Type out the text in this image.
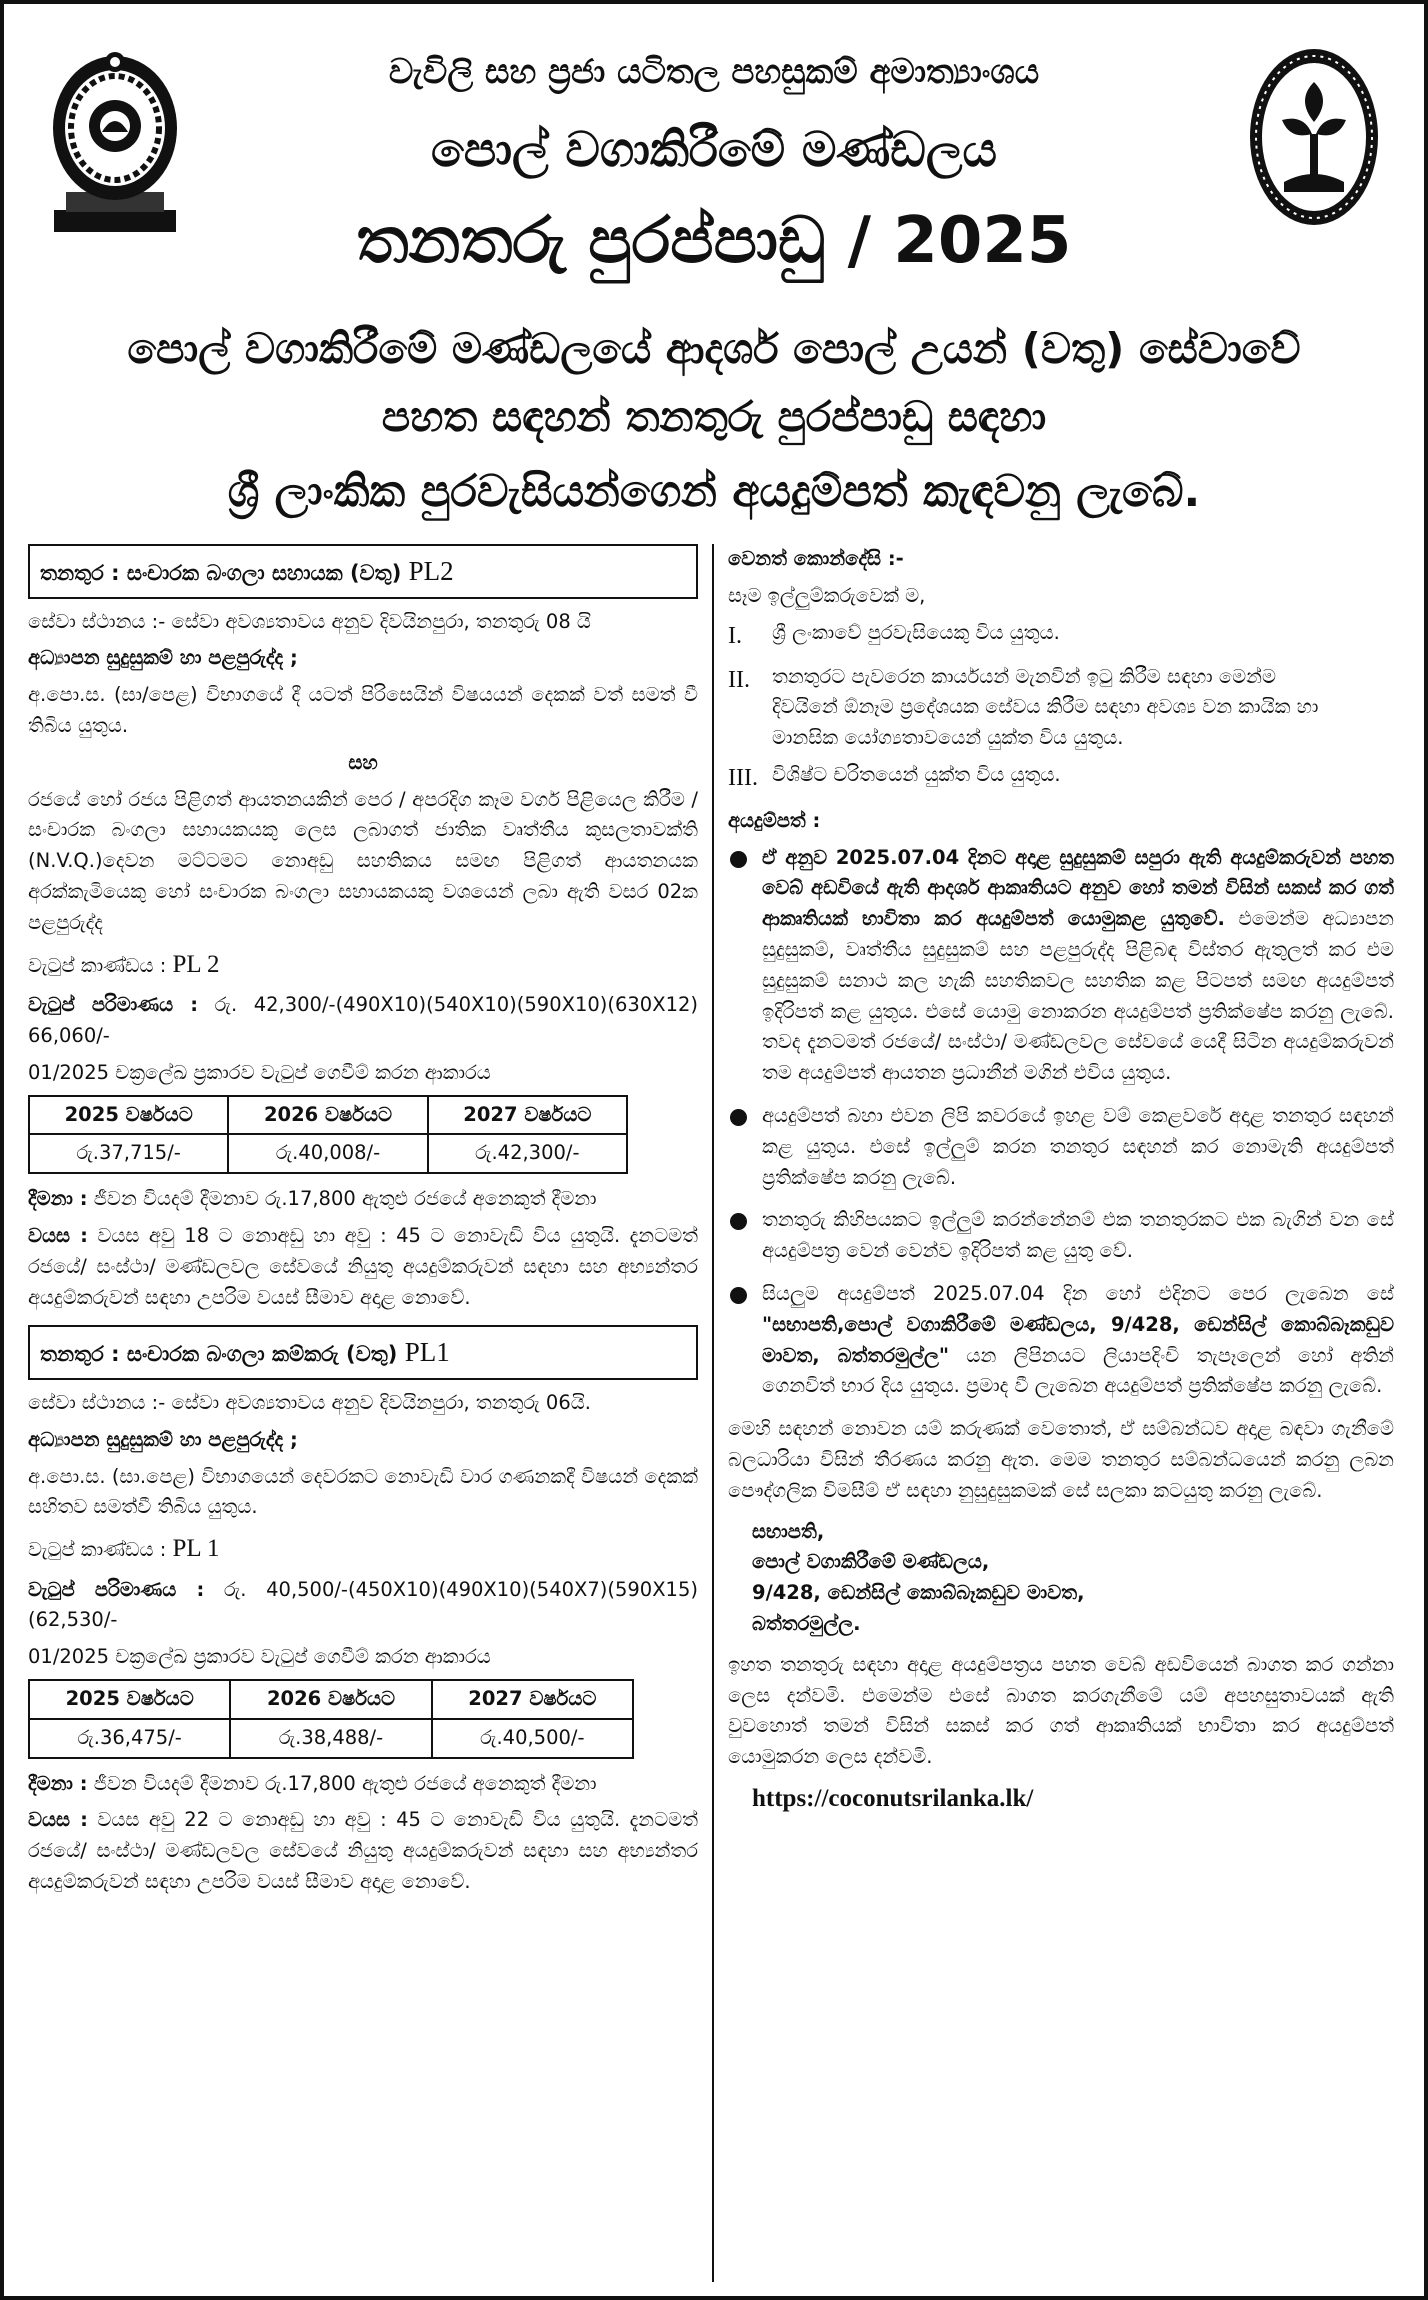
වැවිලි සහ ප්‍රජා යටිතල පහසුකම් අමාත්‍යාංශය
පොල් වගාකිරීමේ මණ්ඩලය
තනතරු පුරප්පාඩු / 2025
පොල් වගාකිරීමේ මණ්ඩලයේ ආදර්ශ පොල් උයන් (වතු) සේවාවේ
පහත සඳහන් තනතුරු පුරප්පාඩු සඳහා
ශ්‍රී ලාංකික පුරවැසියන්ගෙන් අයදුම්පත් කැඳවනු ලැබේ.
තනතුර : සංචාරක බංගලා සහායක (වතු) PL2
සේවා ස්ථානය :- සේවා අවශ්‍යතාවය අනුව දිවයිනපුරා, තනතුරු 08 යි
අධ්‍යාපන සුදුසුකම් හා පළපුරුද්ද ;
අ.පො.ස. (සා/පෙළ) විභාගයේ දී යටත් පිරිසෙයින් විෂයයන් දෙකක් වත් සමත් වී තිබිය යුතුය.
සහ
රජයේ හෝ රජය පිළිගත් ආයතනයකින් පෙර / අපරදිග කෑම වර්ග පිළියෙල කිරීම / සංචාරක බංගලා සහායකයකු ලෙස ලබාගත් ජාතික වෘත්තීය කුසලතාවක්ති (N.V.Q.)දෙවන මට්ටමට නොඅඩු සහතිකය සමඟ පිළිගත් ආයතනයක අරක්කැමියෙකු හෝ සංචාරක බංගලා සහායකයකු වශයෙන් ලබා ඇති වසර 02ක පළපුරුද්ද
වැටුප් කාණ්ඩය : PL 2
වැටුප් පරිමාණය : රු. 42,300/-(490X10)(540X10)(590X10)(630X12) 66,060/-
01/2025 චක්‍රලේඛ ප්‍රකාරව වැටුප් ගෙවීම් කරන ආකාරය
2025 වර්ෂයට	2026 වර්ෂයට	2027 වර්ෂයට
රු.37,715/-	රු.40,008/-	රු.42,300/-
දීමනා : ජීවන වියදම් දීමනාව රු.17,800 ඇතුළු රජයේ අනෙකුත් දීමනා
වයස : වයස අවු 18 ට නොඅඩු හා අවු : 45 ට නොවැඩි විය යුතුයි. දැනටමත් රජයේ/ සංස්ථා/ මණ්ඩලවල සේවයේ නියුතු අයදුම්කරුවන් සඳහා සහ අභ්‍යන්තර අයදුම්කරුවන් සඳහා උපරිම වයස් සීමාව අදාළ නොවේ.
තනතුර : සංචාරක බංගලා කම්කරු (වතු) PL1
සේවා ස්ථානය :- සේවා අවශ්‍යතාවය අනුව දිවයිනපුරා, තනතුරු 06යි.
අධ්‍යාපන සුදුසුකම් හා පළපුරුද්ද ;
අ.පො.ස. (සා.පෙළ) විභාගයෙන් දෙවරකට නොවැඩි වාර ගණනකදී විෂයන් දෙකක් සහිතව සමත්වී තිබිය යුතුය.
වැටුප් කාණ්ඩය : PL 1
වැටුප් පරිමාණය : රු. 40,500/-(450X10)(490X10)(540X7)(590X15)(62,530/-
01/2025 චක්‍රලේඛ ප්‍රකාරව වැටුප් ගෙවීම් කරන ආකාරය
2025 වර්ෂයට	2026 වර්ෂයට	2027 වර්ෂයට
රු.36,475/-	රු.38,488/-	රු.40,500/-
දීමනා : ජීවන වියදම් දීමනාව රු.17,800 ඇතුළු රජයේ අනෙකුත් දීමනා
වයස : වයස අවු 22 ට නොඅඩු හා අවු : 45 ට නොවැඩි විය යුතුයි. දැනටමත් රජයේ/ සංස්ථා/ මණ්ඩලවල සේවයේ නියුතු අයදුම්කරුවන් සඳහා සහ අභ්‍යන්තර අයදුම්කරුවන් සඳහා උපරිම වයස් සීමාව අදාළ නොවේ.
වෙනත් කොන්දේසි :-
සෑම ඉල්ලුම්කරුවෙක් ම,
I. ශ්‍රී ලංකාවේ පුරවැසියෙකු විය යුතුය.
II. තනතුරට පැවරෙන කාර්යයන් මැනවින් ඉටු කිරීම සඳහා මෙන්ම දිවයිනේ ඕනෑම ප්‍රදේශයක සේවය කිරීම සඳහා අවශ්‍ය වන කායික හා මානසික යෝග්‍යතාවයෙන් යුක්ත විය යුතුය.
III. විශිෂ්ට චරිතයෙන් යුක්ත විය යුතුය.
අයදුම්පත් :
ඒ අනුව 2025.07.04 දිනට අදාළ සුදුසුකම් සපුරා ඇති අයදුම්කරුවන් පහත වෙබ් අඩවියේ ඇති ආදර්ශ ආකෘතියට අනුව හෝ තමන් විසින් සකස් කර ගත් ආකෘතියක් භාවිතා කර අයදුම්පත් යොමුකළ යුතුවේ. එමෙන්ම අධ්‍යාපන සුදුසුකම්, වෘත්තීය සුදුසුකම් සහ පළපුරුද්ද පිළිබඳ විස්තර ඇතුලත් කර එම සුදුසුකම් සනාථ කල හැකි සහතිකවල සහතික කළ පිටපත් සමඟ අයදුම්පත් ඉදිරිපත් කළ යුතුය. එසේ යොමු නොකරන අයදුම්පත් ප්‍රතික්ෂේප කරනු ලැබේ. තවද දැනටමත් රජයේ/ සංස්ථා/ මණ්ඩලවල සේවයේ යෙදී සිටින අයදුම්කරුවන් තම අයදුම්පත් ආයතන ප්‍රධානීන් මගින් එවිය යුතුය.
අයදුම්පත් බහා එවන ලිපි කවරයේ ඉහළ වම් කෙළවරේ අදාළ තනතුර සඳහන් කළ යුතුය. එසේ ඉල්ලුම් කරන තනතුර සඳහන් කර නොමැති අයදුම්පත් ප්‍රතික්ෂේප කරනු ලැබේ.
තනතුරු කිහිපයකට ඉල්ලුම් කරන්නේනම් එක තනතුරකට එක බැගින් වන සේ අයදුම්පත්‍ර වෙන් වෙන්ව ඉදිරිපත් කළ යුතු වේ.
සියලුම අයදුම්පත් 2025.07.04 දින හෝ එදිනට පෙර ලැබෙන සේ "සභාපති,පොල් වගාකිරීමේ මණ්ඩලය, 9/428, ඩෙන්සිල් කොබ්බෑකඩුව මාවත, බත්තරමුල්ල" යන ලිපිනයට ලියාපදිංචි තැපෑලෙන් හෝ අතින් ගෙනවිත් භාර දිය යුතුය. ප්‍රමාද වී ලැබෙන අයදුම්පත් ප්‍රතික්ෂේප කරනු ලැබේ.
මෙහි සඳහන් නොවන යම් කරුණක් වෙතොත්, ඒ සම්බන්ධව අදාළ බඳවා ගැනීමේ බලධාරියා විසින් තීරණය කරනු ඇත. මෙම තනතුර සම්බන්ධයෙන් කරනු ලබන පෞද්ගලික විමසීම් ඒ සඳහා නුසුදුසුකමක් සේ සලකා කටයුතු කරනු ලැබේ.
සභාපති,
පොල් වගාකිරීමේ මණ්ඩලය,
9/428, ඩෙන්සිල් කොබ්බෑකඩුව මාවත,
බත්තරමුල්ල.
ඉහත තනතුරු සඳහා අදාළ අයදුම්පත්‍රය පහත වෙබ් අඩවියෙන් බාගත කර ගන්නා ලෙස දන්වමි. එමෙන්ම එසේ බාගත කරගැනීමේ යම් අපහසුතාවයක් ඇති වුවහොත් තමන් විසින් සකස් කර ගත් ආකෘතියක් භාවිතා කර අයදුම්පත් යොමුකරන ලෙස දන්වමි.
https://coconutsrilanka.lk/
